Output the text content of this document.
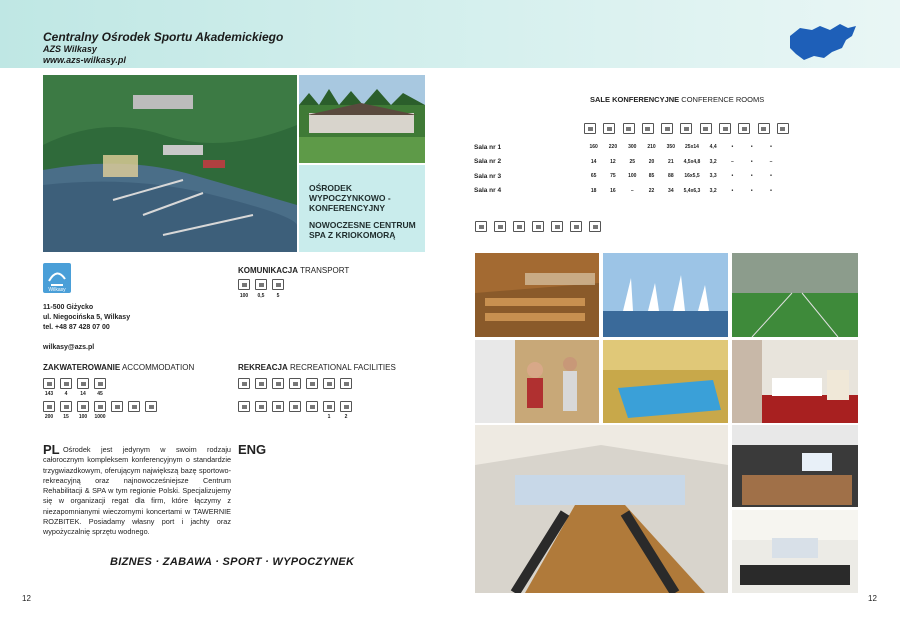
Centralny Ośrodek Sportu Akademickiego
AZS Wilkasy
www.azs-wilkasy.pl

OŚRODEK WYPOCZYNKOWO - KONFERENCYJNY

NOWOCZESNE CENTRUM SPA Z KRIOKOMORĄ

Wilkasy
11-500 Giżycko
ul. Niegocińska 5, Wilkasy
tel. +48 87 428 07 00
wilkasy@azs.pl
KOMUNIKACJA TRANSPORT
100	0,5	5
ZAKWATEROWANIE ACCOMMODATION
143	4	14	45
200	15	100	1000
REKREACJA RECREATIONAL FACILITIES
1	2
PL Ośrodek jest jedynym w swoim rodzaju całorocznym kompleksem konferencyjnym o standardzie trzygwiazdkowym, oferującym największą bazę sportowo-rekreacyjną oraz najnowocześniejsze Centrum Rehabilitacji & SPA w tym regionie Polski. Specjalizujemy się w organizacji regat dla firm, które łączymy z niezapomnianymi wieczornymi koncertami w TAWERNIE ROZBITEK. Posiadamy własny port i jachty oraz wypożyczalnię sprzętu wodnego.
ENG
BIZNES · ZABAWA · SPORT · WYPOCZYNEK
12	12
SALE KONFERENCYJNE CONFERENCE ROOMS
Sala nr 1	160	220	300	210	350	25x14	4,4	•	•	•
Sala nr 2	14	12	25	20	21	4,5x4,8	3,2	–	•	–
Sala nr 3	65	75	100	85	88	16x5,5	3,3	•	•	•
Sala nr 4	18	16	–	22	34	5,4x6,3	3,2	•	•	•
